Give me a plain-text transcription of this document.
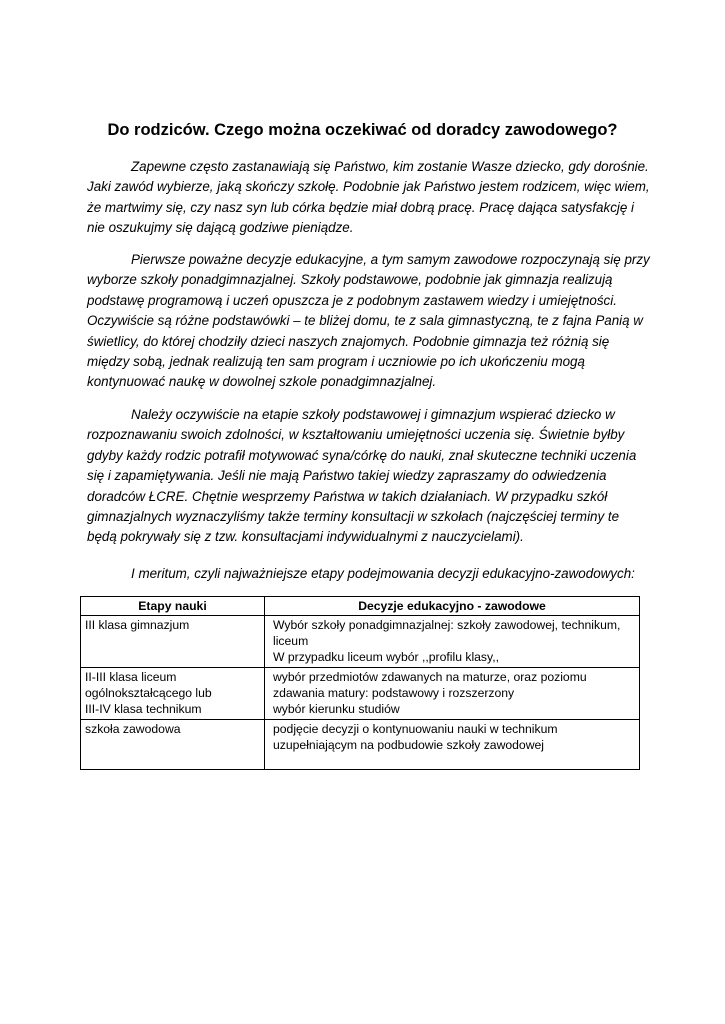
Do rodziców. Czego można oczekiwać od doradcy zawodowego?
Zapewne często zastanawiają się Państwo, kim zostanie Wasze dziecko, gdy dorośnie.
Jaki zawód wybierze, jaką skończy szkołę. Podobnie jak Państwo jestem rodzicem, więc wiem,
że martwimy się, czy nasz syn lub córka będzie miał dobrą pracę. Pracę dająca satysfakcję i
nie oszukujmy się dającą godziwe pieniądze.
Pierwsze poważne decyzje edukacyjne, a tym samym zawodowe rozpoczynają się przy
wyborze szkoły ponadgimnazjalnej. Szkoły podstawowe, podobnie jak gimnazja realizują
podstawę programową i uczeń opuszcza je z podobnym zastawem wiedzy i umiejętności.
Oczywiście są różne podstawówki – te bliżej domu, te z sala gimnastyczną, te z fajna Panią w
świetlicy, do której chodziły dzieci naszych znajomych. Podobnie gimnazja też różnią się
między sobą, jednak realizują ten sam program i uczniowie po ich ukończeniu mogą
kontynuować naukę w dowolnej szkole ponadgimnazjalnej.
Należy oczywiście na etapie szkoły podstawowej i gimnazjum wspierać dziecko w
rozpoznawaniu swoich zdolności, w kształtowaniu umiejętności uczenia się. Świetnie byłby
gdyby każdy rodzic potrafił motywować syna/córkę do nauki, znał skuteczne techniki uczenia
się i zapamiętywania. Jeśli nie mają Państwo takiej wiedzy zapraszamy do odwiedzenia
doradców ŁCRE. Chętnie wesprzemy Państwa w takich działaniach. W przypadku szkół
gimnazjalnych wyznaczyliśmy także terminy konsultacji w szkołach (najczęściej terminy te
będą pokrywały się z tzw. konsultacjami indywidualnymi z nauczycielami).
I meritum, czyli najważniejsze etapy podejmowania decyzji edukacyjno-zawodowych:
Etapy nauki	Decyzje edukacyjno - zawodowe

III klasa gimnazjum	Wybór szkoły ponadgimnazjalnej: szkoły zawodowej, technikum,
liceum
W przypadku liceum wybór ,,profilu klasy,,

II-III klasa liceum
ogólnokształcącego lub
III-IV klasa technikum	wybór przedmiotów zdawanych na maturze, oraz poziomu
zdawania matury: podstawowy i rozszerzony
wybór kierunku studiów

szkoła zawodowa	podjęcie decyzji o kontynuowaniu nauki w technikum
uzupełniającym na podbudowie szkoły zawodowej
